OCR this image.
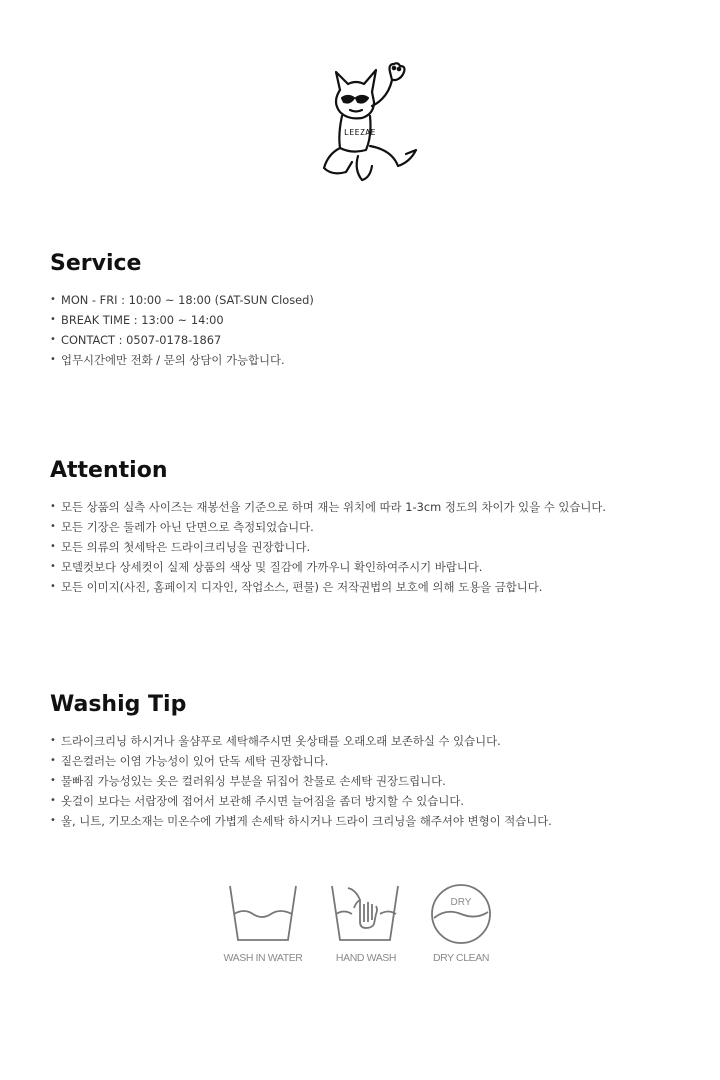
LEEZAE
Service
• MON - FRI : 10:00 ~ 18:00 (SAT-SUN Closed)
• BREAK TIME : 13:00 ~ 14:00
• CONTACT : 0507-0178-1867
• 업무시간에만 전화 / 문의 상담이 가능합니다.
Attention
• 모든 상품의 실측 사이즈는 재봉선을 기준으로 하며 재는 위치에 따라 1-3cm 정도의 차이가 있을 수 있습니다.
• 모든 기장은 둘레가 아닌 단면으로 측정되었습니다.
• 모든 의류의 첫세탁은 드라이크리닝을 권장합니다.
• 모델컷보다 상세컷이 실제 상품의 색상 및 질감에 가까우니 확인하여주시기 바랍니다.
• 모든 이미지(사진, 홈페이지 디자인, 작업소스, 편물) 은 저작권법의 보호에 의해 도용을 금합니다.
Washig Tip
• 드라이크리닝 하시거나 울샴푸로 세탁해주시면 옷상태를 오래오래 보존하실 수 있습니다.
• 짙은컬러는 이염 가능성이 있어 단독 세탁 권장합니다.
• 물빠짐 가능성있는 옷은 컬러워싱 부분을 뒤집어 찬물로 손세탁 권장드립니다.
• 옷걸이 보다는 서랍장에 접어서 보관해 주시면 늘어짐을 좀더 방지할 수 있습니다.
• 울, 니트, 기모소재는 미온수에 가볍게 손세탁 하시거나 드라이 크리닝을 해주셔야 변형이 적습니다.
WASH IN WATER	HAND WASH
DRY
DRY CLEAN
